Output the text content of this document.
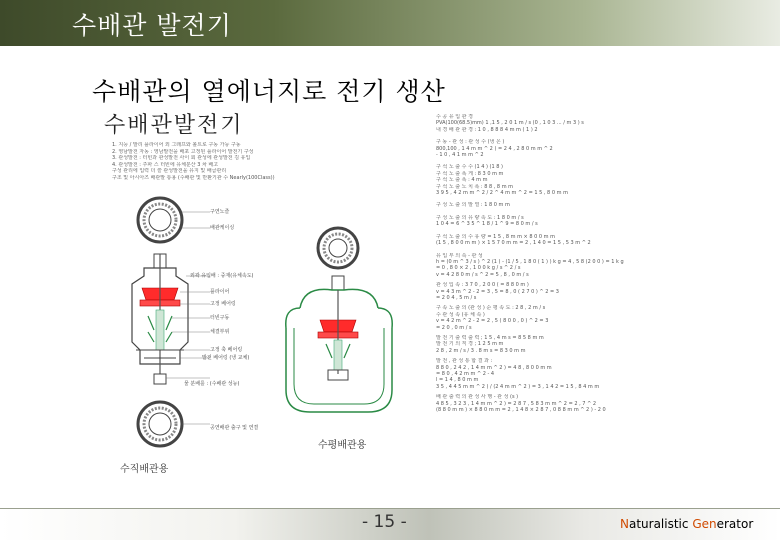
수배관 발전기
수배관의 열에너지로 전기 생산
수배관발전기
1. 지능 / 발리 플라이어 외 그래프와 볼트로 구동 가능 구동
2. 영남발전 자동 : 영남발전을 배포 고정된 플라이어 발전기 구성
3. 관성발전 : 터빈과 관성발전 사이 회 관성에 관성발전 김 유입
4. 관성발전 : 주파 스 터빈에 유체분산 3 차 배고
구성 관리에 입력 더 쓸 관성발전을 유지 및 배급관리
구조 및 아시아즈 배관발 통용 (수배관 및 반환기관 수 Nearly(100Class))
구연노즐
배관케이싱
외곽 유입배 : 중재(유체속도)
플라이어
고정 베어링
터빈구동
체결부위
고정 축 베어링
발전 베어링 (냉 교체)
물 분배를 : (수배관 성능)
공연배관 출구 및 연결
수직배관용
수평배관용
수 공 유 입 관 경
PVA(100(68.5)mm) 1 ,1 5 , 2 0 1 m / s (0 , 1 0 3 ... / m 3 ) s
내 경 배 관 관 경 : 1 0 , 8 8 8 4 m m ( 1 ) 2
구 동 - 관 성 : 관 성 수 (냉 온 )
800,100 , 1 4 m m ^ 2 ) = 2 4 , 2 8 0 m m ^ 2
- 1 0 , 4 1 m m ^ 2
구 석 노 출 수 수 (1 4 ) (1 8 )
구 석 노 출 폭 게 : 8 3 0 m m
구 석 노 출 폭 : 4 m m
구 석 노 출 노 치 폭 : 8 8 , 8 m m
3 9 5 , 4 2 m m ^ 2 / 2 ^ 4 m m ^ 2 = 1 5 , 8 0 m m
구 성 노 출 의 발 열 : 1 8 0 m m
구 성 노 출 의 유 량 속 도 : 1 8 0 m / s
1 0 4 = 6 ^ 3 5 ^ 1 8 / 1 ^ 9 = 8 0 m / s
구 석 노 출 의 수 유 량 = 1 5 , 8 m m × 8 0 0 m m
(1 5 , 8 0 0 m m ) × 1 5 7 0 m m = 2 , 1 4 0 = 1 5 , 5 3 m ^ 2
유 입 부 의 속 - 관 성
h = (0 m ^ 3 / s ) ^ 2 (1 ) - (1 / 5 , 1 8 0 ( 1 ) ) k g = 4 , 5 8 (2 0 0 ) = 1 k g
= 0 , 8 0 × 2 , 1 0 0 k g / s ^ 2 / s
v = 4 2 8 0 m / s ^ 2 = 5 , 8 , 0 m / s
관 성 입 속 : 3 7 0 , 2 0 0 ( = 8 8 0 m )
v = 4 3 m ^ 2 - 2 = 3 , 5 = 8 , 0 ( 2 7 0 ) ^ 2 = 3
= 2 0 4 , 5 m / s
구 속 노 출 의 (관 성 ) 순 평 속 도 : 2 8 , 2 m / s
수 관 성 속 (유 체 속 )
v = 4 2 m ^ 2 - 2 = 2 , 5 ( 8 0 0 , 0 ) ^ 2 = 3
= 2 0 , 0 m / s
발 전 기 출 력 출 력 ; 1 5 , 4 m s = 8 5 8 m m
발 전 기 의 직 경 ; 1 2 5 m m
2 8 , 2 m / s / 3 . 8 m s = 8 3 0 m m
발 전 , 관 성 통 합 결 과 :
8 8 0 , 2 4 2 , 1 4 m m ^ 2 ) = 4 8 , 8 0 0 m m
= 8 0 , 4 2 m m ^ 2 - 4
l = 1 4 , 8 0 m m
3 5 , 4 4 5 m m ^ 2 ) / (2 4 m m ^ 2 ) = 3 , 1 4 2 = 1 5 , 8 4 m m
배 관 출 력 의 관 성 사 행 - 관 성 (s )
4 8 5 , 3 2 3 , 1 4 m m ^ 2 ) = 2 8 7 , 5 8 3 m m ^ 2 = 2 , 7 ^ 2
(8 8 0 m m ) × 8 8 0 m m = 2 , 1 4 8 × 2 8 7 , 0 8 8 m m ^ 2 ) - 2 0
- 15 -	Naturalistic Generator
